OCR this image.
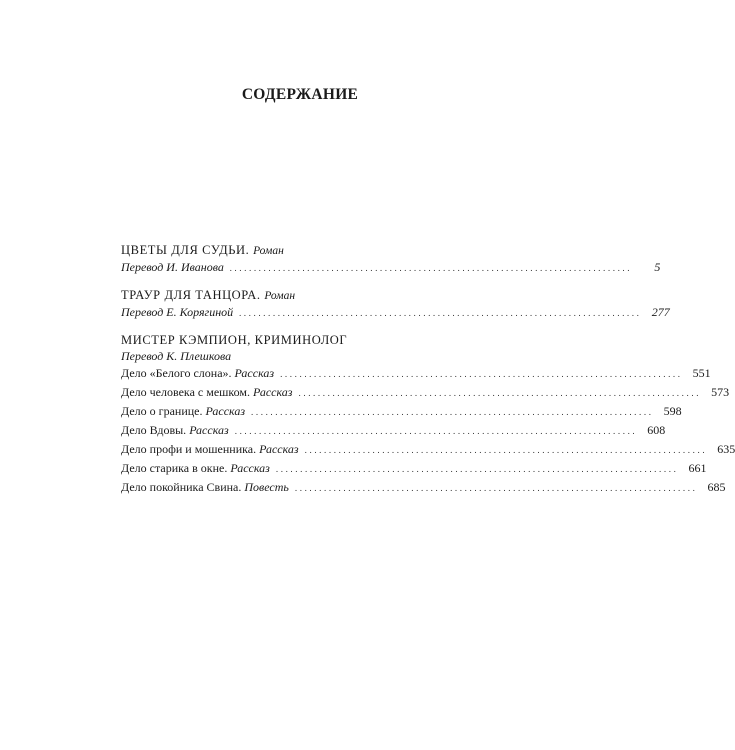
СОДЕРЖАНИЕ
ЦВЕТЫ ДЛЯ СУДЬИ. Роман
Перевод И. Иванова ...................................................................................	5
ТРАУР ДЛЯ ТАНЦОРА. Роман
Перевод Е. Корягиной ................................................................................... 277
МИСТЕР КЭМПИОН, КРИМИНОЛОГ
Перевод К. Плешкова
Дело «Белого слона». Рассказ ................................................................................... 551
Дело человека с мешком. Рассказ ................................................................................... 573
Дело о границе. Рассказ ................................................................................... 598
Дело Вдовы. Рассказ ................................................................................... 608
Дело профи и мошенника. Рассказ ................................................................................... 635
Дело старика в окне. Рассказ ................................................................................... 661
Дело покойника Свина. Повесть ................................................................................... 685
